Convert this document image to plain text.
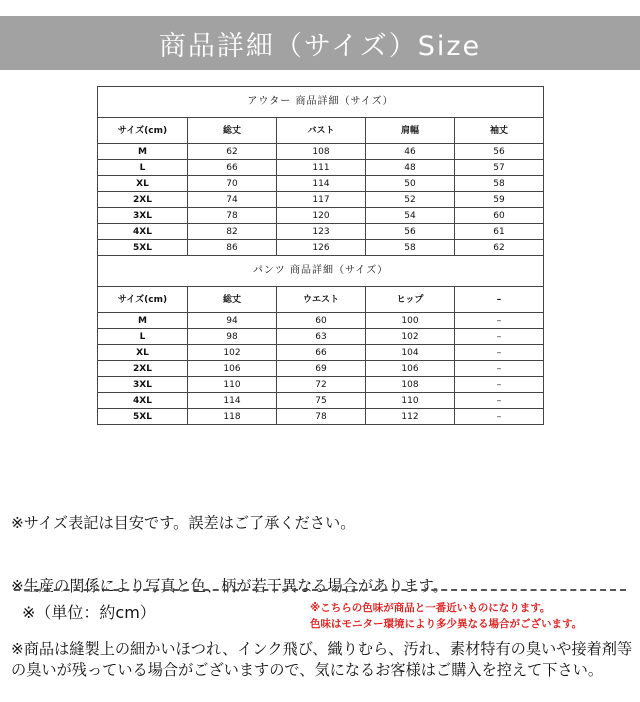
商品詳細（サイズ）Size
アウター 商品詳細（サイズ）				
サイズ(cm)	総丈	バスト	肩幅	袖丈
M	62	108	46	56
L	66	111	48	57
XL	70	114	50	58
2XL	74	117	52	59
3XL	78	120	54	60
4XL	82	123	56	61
5XL	86	126	58	62
パンツ 商品詳細（サイズ）				
サイズ(cm)	総丈	ウエスト	ヒップ	–
M	94	60	100	–
L	98	63	102	–
XL	102	66	104	–
2XL	106	69	106	–
3XL	110	72	108	–
4XL	114	75	110	–
5XL	118	78	112	–

※サイズ表記は目安です。誤差はご了承ください。

※生産の関係により写真と色、柄が若干異なる場合があります。

※商品は縫製上の細かいほつれ、インク飛び、織りむら、汚れ、素材特有の臭いや接着剤等の臭いが残っている場合がございますので、気になるお客様はご購入を控えて下さい。

※（単位：約cm）	※こちらの色味が商品と一番近いものになります。
色味はモニター環境により多少異なる場合がございます。
